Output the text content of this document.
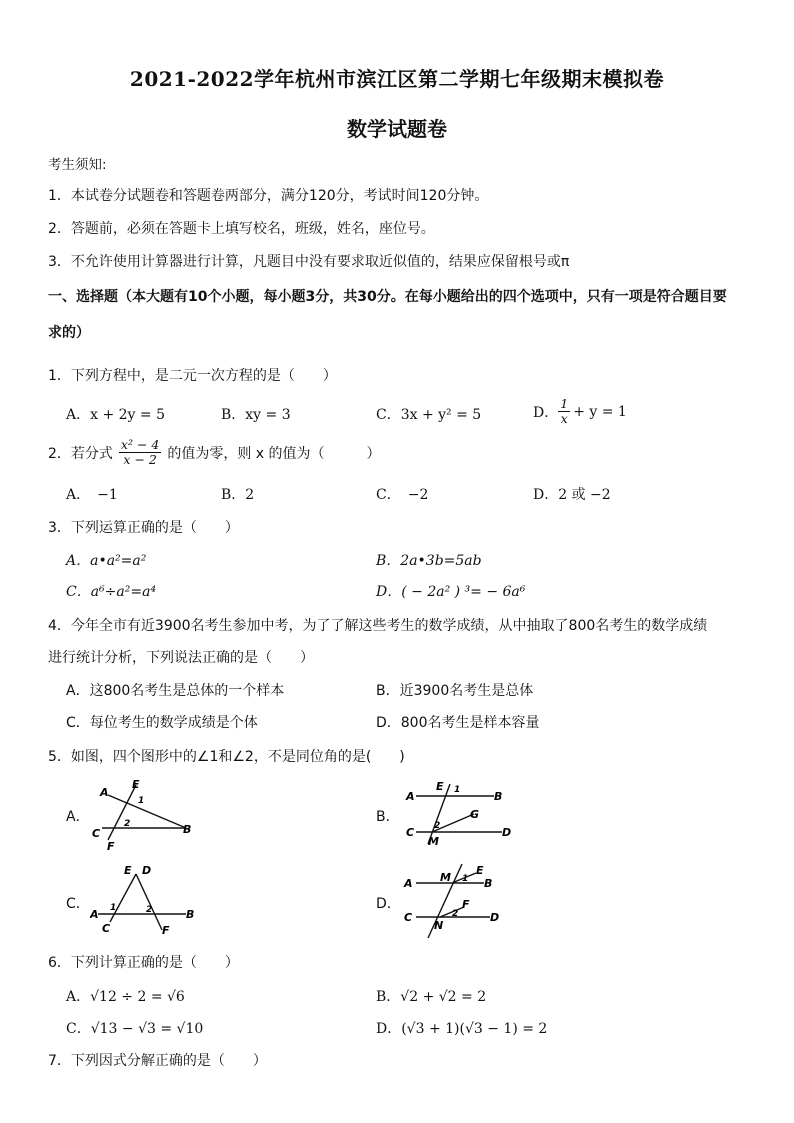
2021-2022学年杭州市滨江区第二学期七年级期末模拟卷
数学试题卷
考生须知:
1．本试卷分试题卷和答题卷两部分，满分120分，考试时间120分钟。
2．答题前，必须在答题卡上填写校名，班级，姓名，座位号。
3．不允许使用计算器进行计算，凡题目中没有要求取近似值的，结果应保留根号或π
一、选择题（本大题有10个小题，每小题3分，共30分。在每小题给出的四个选项中，只有一项是符合题目要
求的）
1．下列方程中，是二元一次方程的是（　　）
A．x + 2y = 5	B．xy = 3	C．3x + y² = 5	D． $\frac{1}{x} + y = 1$
2．若分式 $\frac{\text{x² − 4}}{x - 2}$ 的值为零，则 x 的值为（　　　）
A．　−1	B．2	C．　−2	D．2 或 −2
3．下列运算正确的是（　　）
A．a•a²=a²	B．2a•3b=5ab
C．a⁶÷a²=a⁴	D．( − 2a² ) ³= − 6a⁶
4．今年全市有近3900名考生参加中考，为了了解这些考生的数学成绩，从中抽取了800名考生的数学成绩
进行统计分析，下列说法正确的是（　　）
A．这800名考生是总体的一个样本	B．近3900名考生是总体
C．每位考生的数学成绩是个体	D．800名考生是样本容量
5．如图，四个图形中的∠1和∠2，不是同位角的是(　　)
A．
A
E
1
C
2	B
F
B．
A
E 1	B
G
2
C
M
D
C．
E D
A 1	2	B
C	F
D．
A M
E
1 B
F
C	2
N
D
6．下列计算正确的是（　　）
A．√12 ÷ 2 = √6	B．√2 + √2 = 2
C．√13 − √3 = √10	D．(√3 + 1)(√3 − 1) = 2
7．下列因式分解正确的是（　　）
